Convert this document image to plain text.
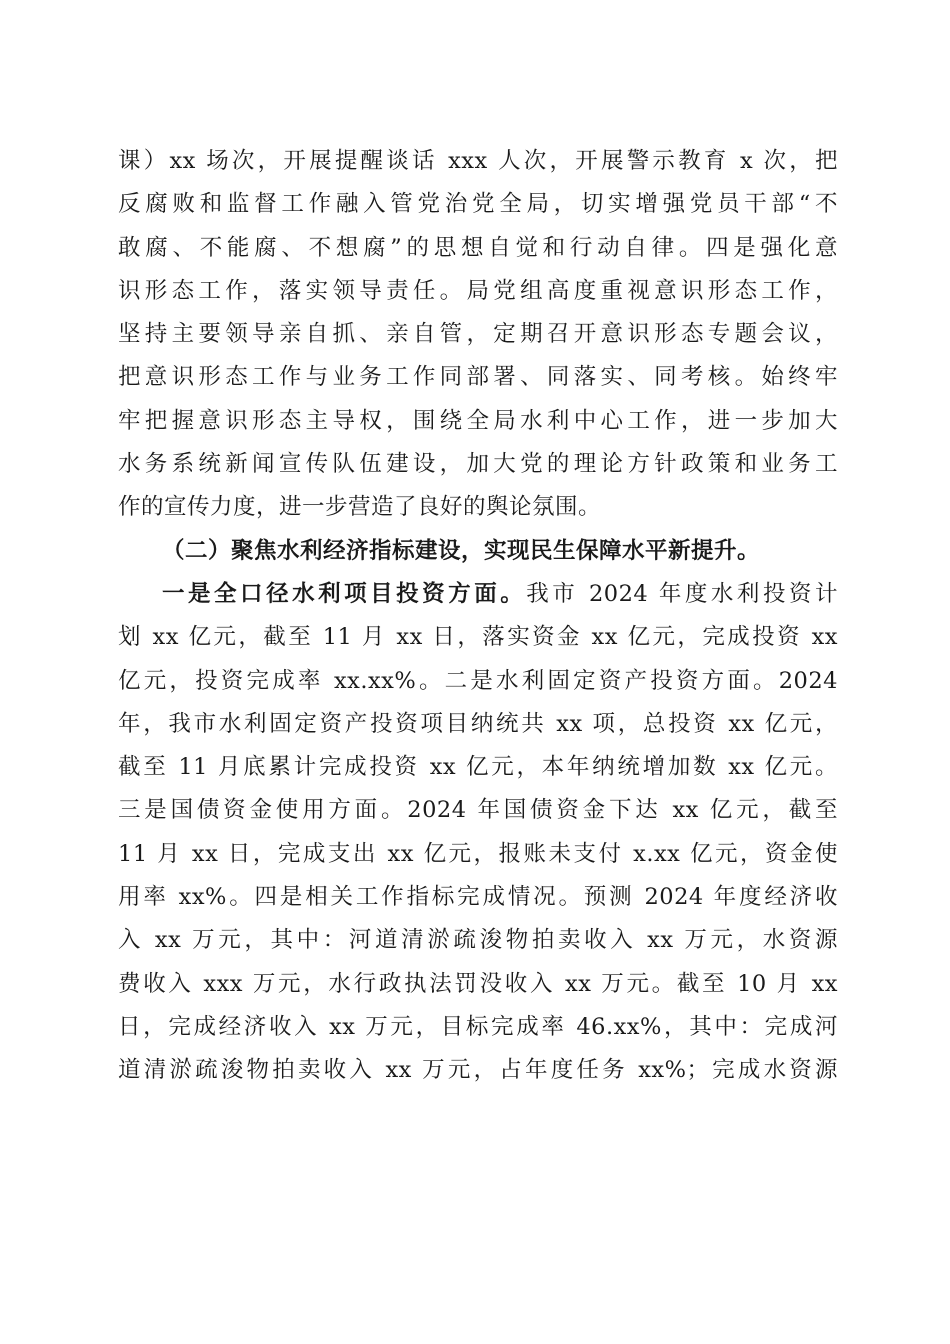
课）xx 场次，开展提醒谈话 xxx 人次，开展警示教育 x 次，把
反腐败和监督工作融入管党治党全局，切实增强党员干部“不
敢腐、不能腐、不想腐”的思想自觉和行动自律。四是强化意
识形态工作，落实领导责任。局党组高度重视意识形态工作，
坚持主要领导亲自抓、亲自管，定期召开意识形态专题会议，
把意识形态工作与业务工作同部署、同落实、同考核。始终牢
牢把握意识形态主导权，围绕全局水利中心工作，进一步加大
水务系统新闻宣传队伍建设，加大党的理论方针政策和业务工
作的宣传力度，进一步营造了良好的舆论氛围。
（二）聚焦水利经济指标建设，实现民生保障水平新提升。
一是全口径水利项目投资方面。我市 2024 年度水利投资计
划 xx 亿元，截至 11 月 xx 日，落实资金 xx 亿元，完成投资 xx
亿元，投资完成率 xx.xx%。二是水利固定资产投资方面。2024
年，我市水利固定资产投资项目纳统共 xx 项，总投资 xx 亿元，
截至 11 月底累计完成投资 xx 亿元，本年纳统增加数 xx 亿元。
三是国债资金使用方面。2024 年国债资金下达 xx 亿元，截至
11 月 xx 日，完成支出 xx 亿元，报账未支付 x.xx 亿元，资金使
用率 xx%。四是相关工作指标完成情况。预测 2024 年度经济收
入 xx 万元，其中：河道清淤疏浚物拍卖收入 xx 万元，水资源
费收入 xxx 万元，水行政执法罚没收入 xx 万元。截至 10 月 xx
日，完成经济收入 xx 万元，目标完成率 46.xx%，其中：完成河
道清淤疏浚物拍卖收入 xx 万元，占年度任务 xx%；完成水资源
